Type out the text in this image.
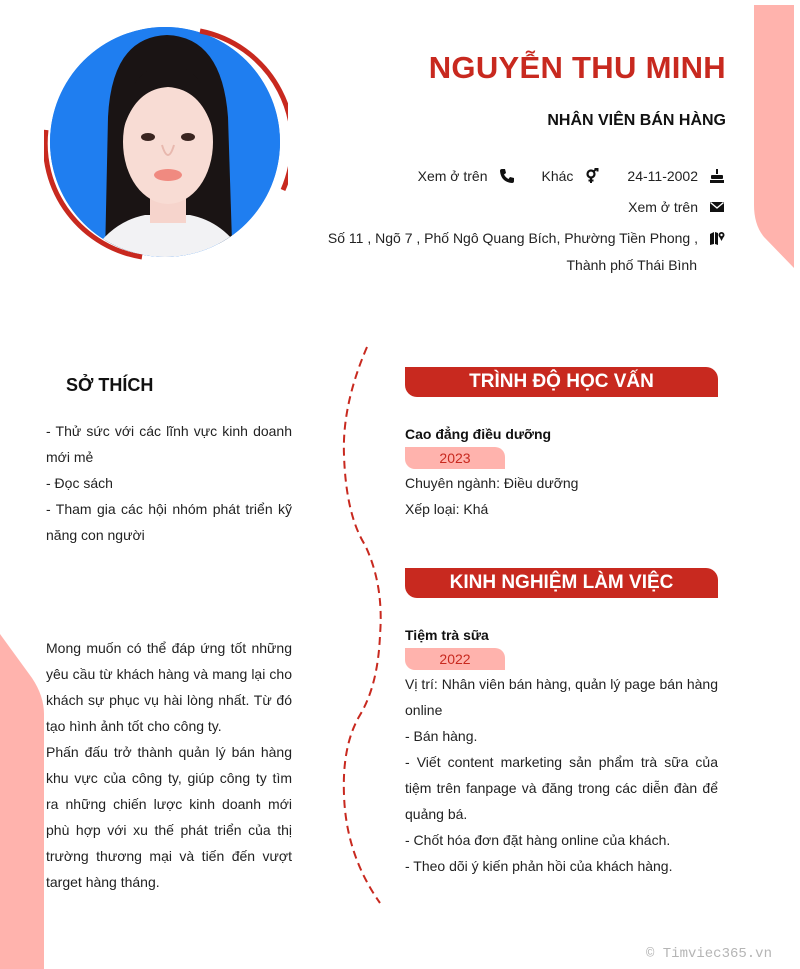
NGUYỄN THU MINH
NHÂN VIÊN BÁN HÀNG
Xem ở trên	Khác	24-11-2002
Xem ở trên
Số 11 , Ngõ 7 , Phố Ngô Quang Bích, Phường Tiền Phong ,
Thành phố Thái Bình
SỞ THÍCH
- Thử sức với các lĩnh vực kinh doanh mới mẻ
- Đọc sách
- Tham gia các hội nhóm phát triển kỹ năng con người
Mong muốn có thể đáp ứng tốt những yêu cầu từ khách hàng và mang lại cho khách sự phục vụ hài lòng nhất. Từ đó tạo hình ảnh tốt cho công ty.
Phấn đấu trở thành quản lý bán hàng khu vực của công ty, giúp công ty tìm ra những chiến lược kinh doanh mới phù hợp với xu thế phát triển của thị trường thương mại và tiến đến vượt target hàng tháng.
TRÌNH ĐỘ HỌC VẤN
Cao đẳng điều dưỡng
2023
Chuyên ngành: Điều dưỡng
Xếp loại: Khá
KINH NGHIỆM LÀM VIỆC
Tiệm trà sữa
2022
Vị trí: Nhân viên bán hàng, quản lý page bán hàng online
- Bán hàng.
- Viết content marketing sản phẩm trà sữa của tiệm trên fanpage và đăng trong các diễn đàn để quảng bá.
- Chốt hóa đơn đặt hàng online của khách.
- Theo dõi ý kiến phản hồi của khách hàng.
© Timviec365.vn
